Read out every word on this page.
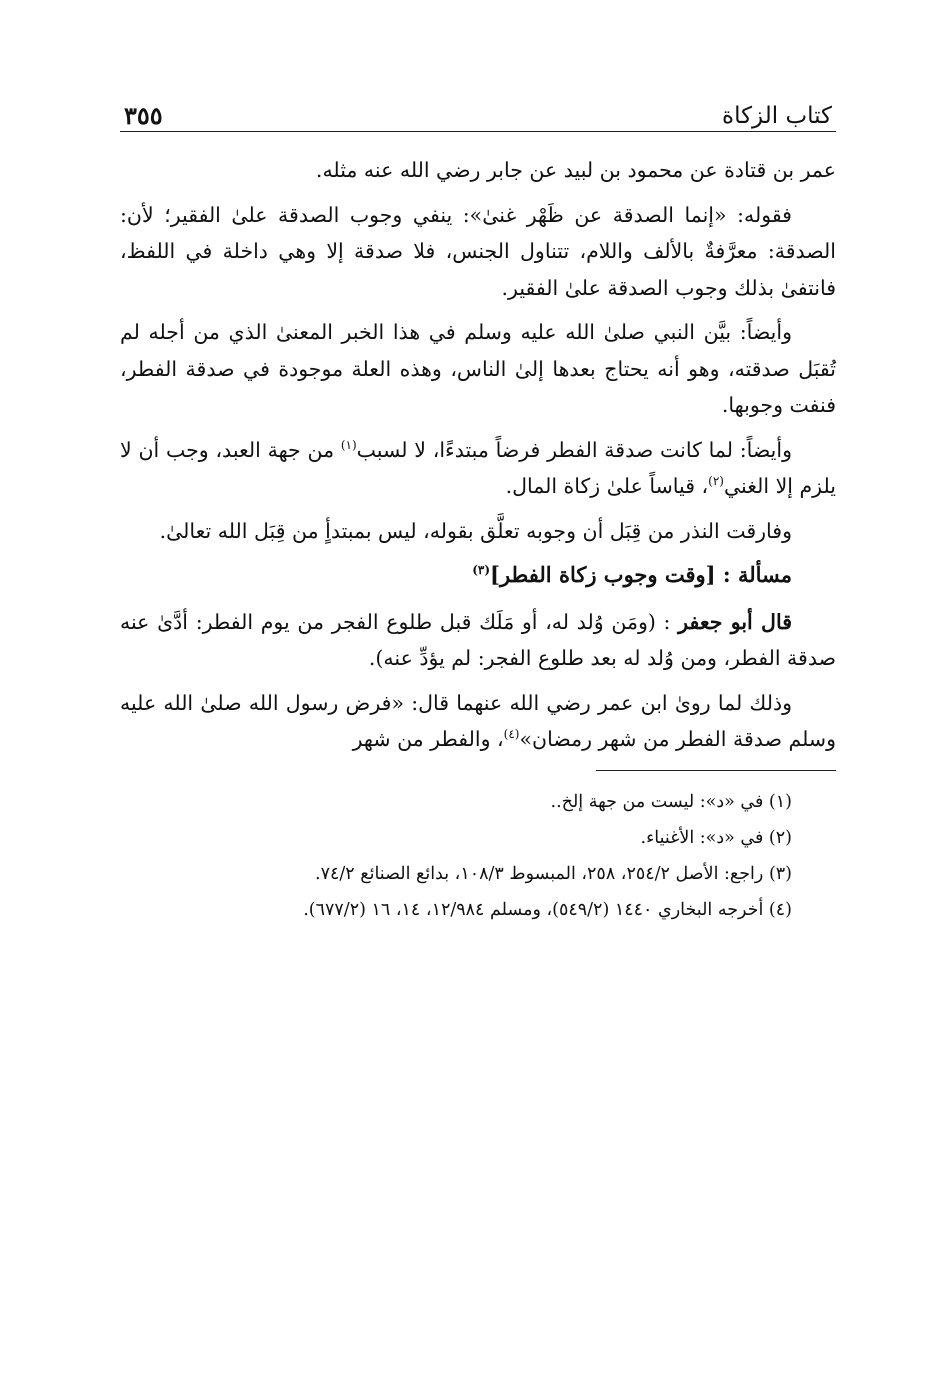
كتاب الزكاة
٣٥٥

عمر بن قتادة عن محمود بن لبيد عن جابر رضي الله عنه مثله.

فقوله: «إنما الصدقة عن ظَهْر غنىٰ»: ينفي وجوب الصدقة علىٰ الفقير؛ لأن: الصدقة: معرَّفةٌ بالألف واللام، تتناول الجنس، فلا صدقة إلا وهي داخلة في اللفظ، فانتفىٰ بذلك وجوب الصدقة علىٰ الفقير.

وأيضاً: بيَّن النبي صلىٰ الله عليه وسلم في هذا الخبر المعنىٰ الذي من أجله لم تُقبَل صدقته، وهو أنه يحتاج بعدها إلىٰ الناس، وهذه العلة موجودة في صدقة الفطر، فنفت وجوبها.

وأيضاً: لما كانت صدقة الفطر فرضاً مبتدءًا، لا لسبب$^{(١)}$ من جهة العبد، وجب أن لا يلزم إلا الغني$^{(٢)}$، قياساً علىٰ زكاة المال.

وفارقت النذر من قِبَل أن وجوبه تعلَّق بقوله، ليس بمبتدأٍ من قِبَل الله تعالىٰ.

مسألة : [وقت وجوب زكاة الفطر]$^{(٣)}$

قال أبو جعفر : (ومَن وُلد له، أو مَلَك قبل طلوع الفجر من يوم الفطر: أدَّىٰ عنه صدقة الفطر، ومن وُلد له بعد طلوع الفجر: لم يؤدِّ عنه).

وذلك لما روىٰ ابن عمر رضي الله عنهما قال: «فرض رسول الله صلىٰ الله عليه وسلم صدقة الفطر من شهر رمضان»$^{(٤)}$، والفطر من شهر

(١) في «د»: ليست من جهة إلخ..

(٢) في «د»: الأغنياء.

(٣) راجع: الأصل ٢٥٤/٢، ٢٥٨، المبسوط ١٠٨/٣، بدائع الصنائع ٧٤/٢.

(٤) أخرجه البخاري ١٤٤٠ (٥٤٩/٢)، ومسلم ١٢/٩٨٤، ١٤، ١٦ (٦٧٧/٢).
